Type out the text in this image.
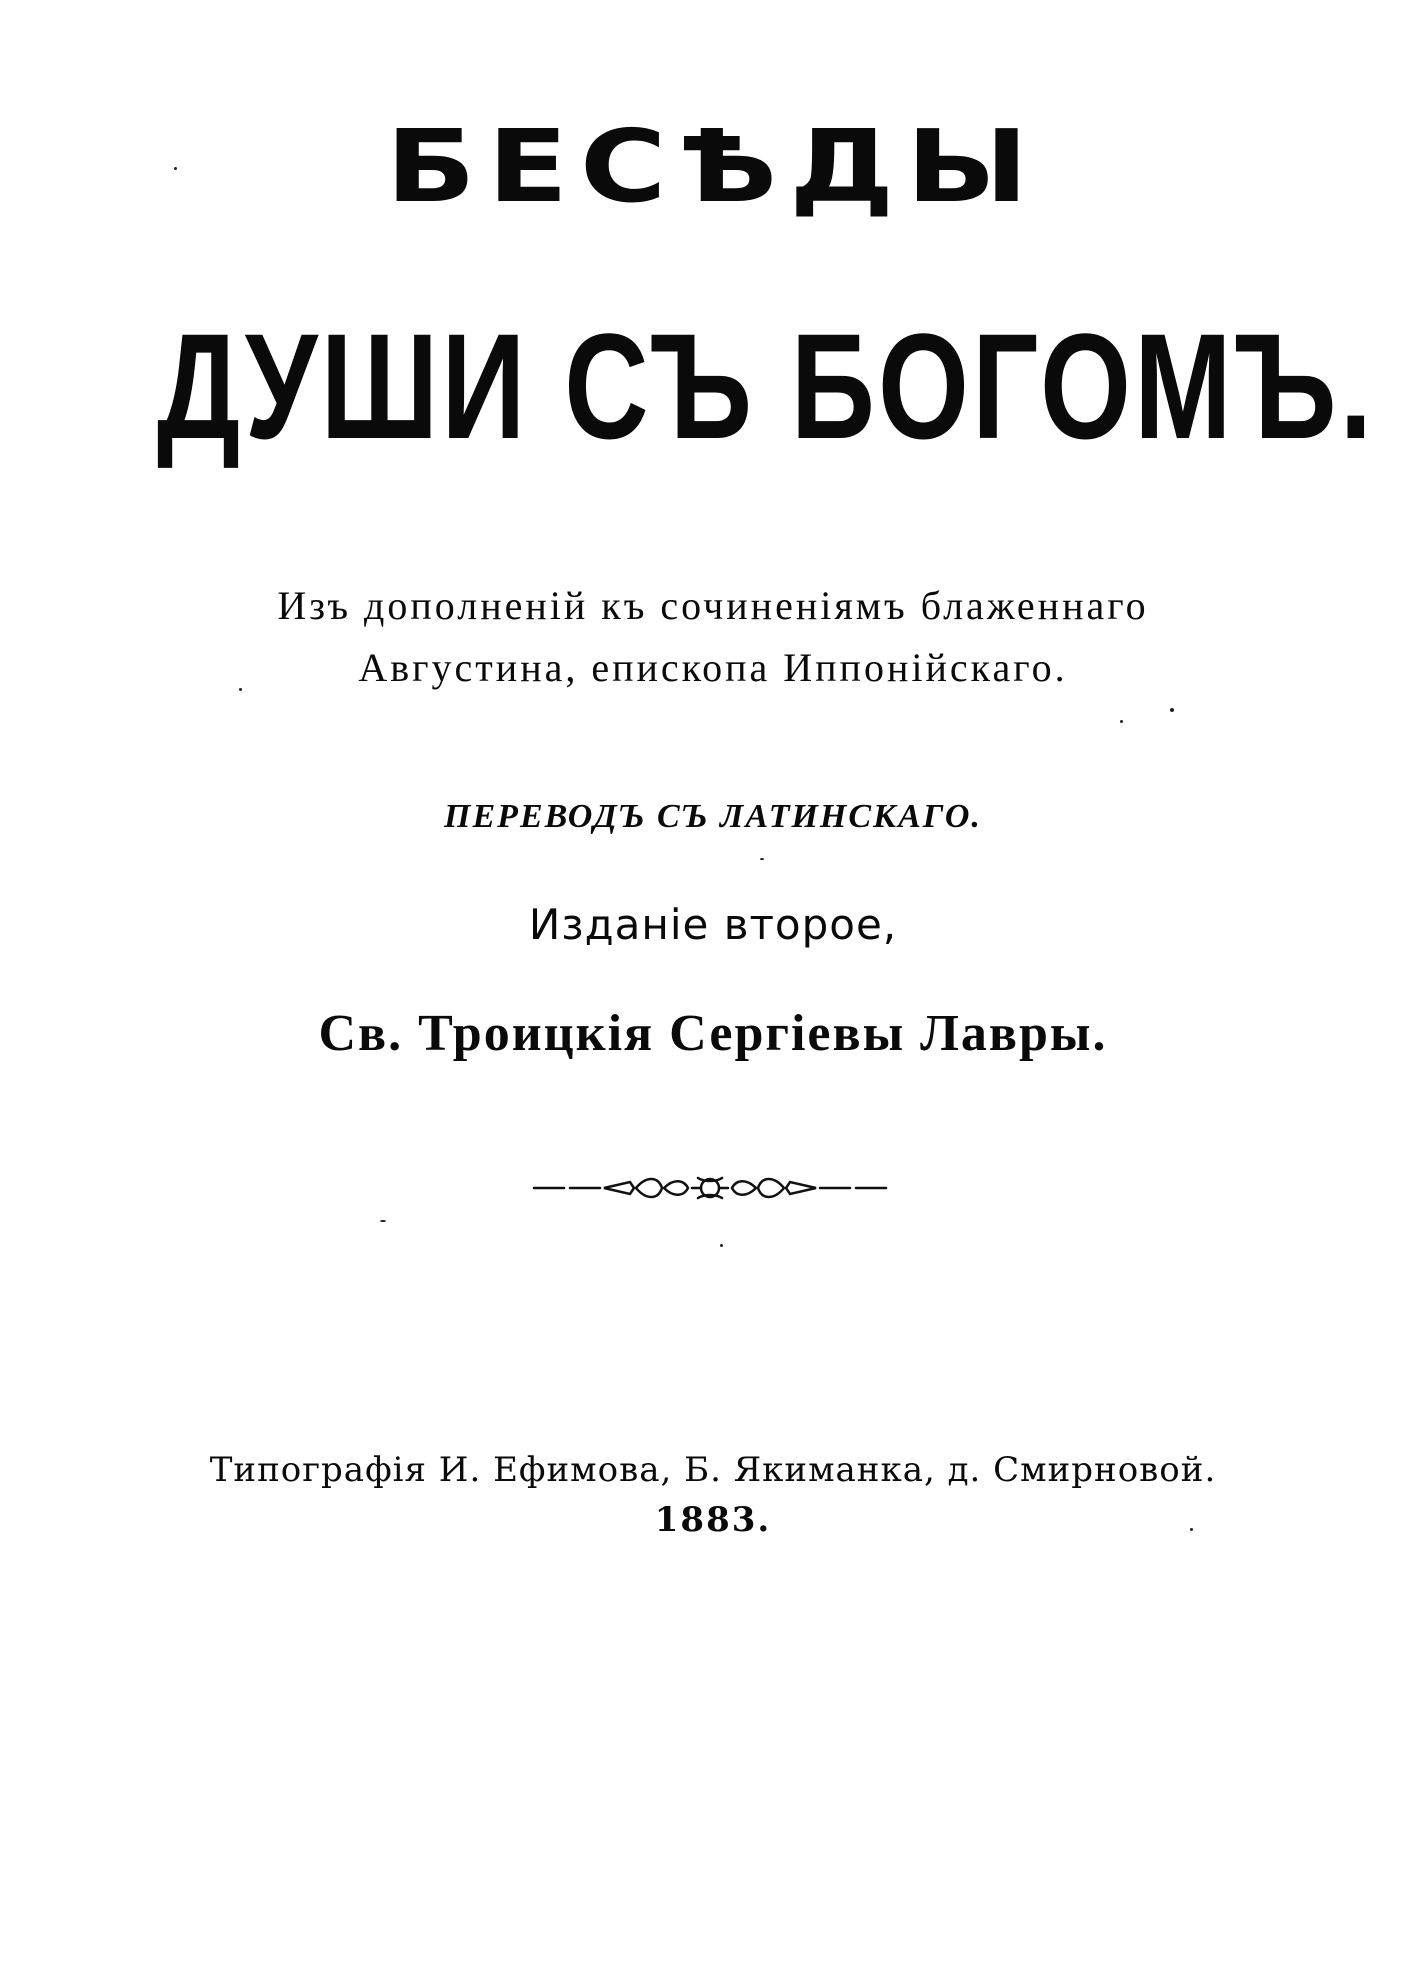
БЕСѢДЫ
ДУШИ СЪ БОГОМЪ.
Изъ дополненій къ сочиненіямъ блаженнаго
Августина, епископа Иппонійскаго.
ПЕРЕВОДЪ СЪ ЛАТИНСКАГО.
Изданіе второе,
Св. Троицкія Сергіевы Лавры.
Типографія И. Ефимова, Б. Якиманка, д. Смирновой.
1883.
